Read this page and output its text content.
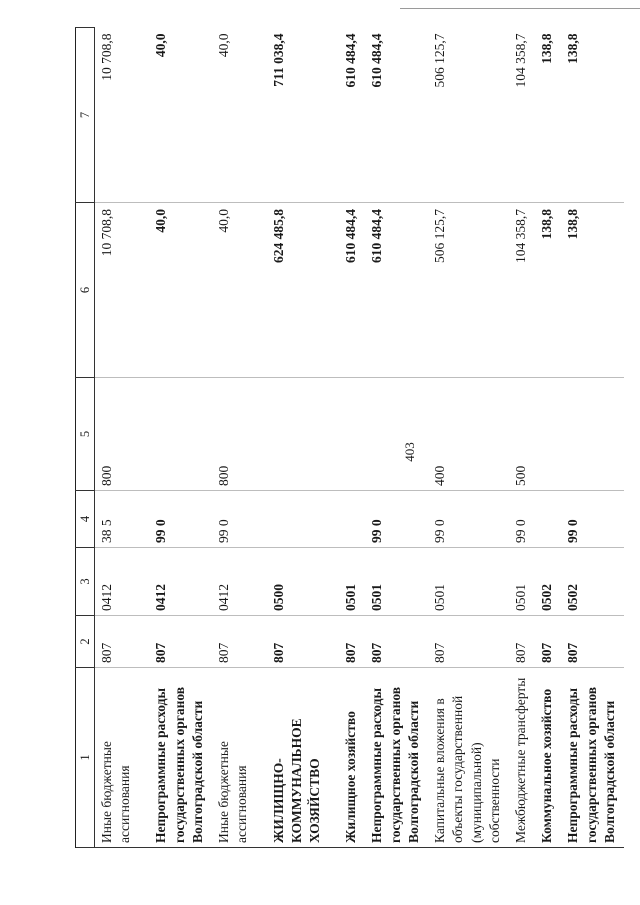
403
1	2	3	4	5	6	7
Иные бюджетные ассигнования	807	0412	38 5	800	10 708,8	10 708,8

Непрограммные расходы государственных органов Волгоградской области	807	0412	99 0		40,0	40,0
Иные бюджетные ассигнования	807	0412	99 0	800	40,0	40,0

ЖИЛИЩНО-КОММУНАЛЬНОЕ ХОЗЯЙСТВО	807	0500			624 485,8	711 038,4

Жилищное хозяйство	807	0501			610 484,4	610 484,4
Непрограммные расходы государственных органов Волгоградской области	807	0501	99 0		610 484,4	610 484,4
Капитальные вложения в объекты государственной (муниципальной) собственности	807	0501	99 0	400	506 125,7	506 125,7
Межбюджетные трансферты	807	0501	99 0	500	104 358,7	104 358,7
Коммунальное хозяйство	807	0502			138,8	138,8
Непрограммные расходы государственных органов Волгоградской области	807	0502	99 0		138,8	138,8
